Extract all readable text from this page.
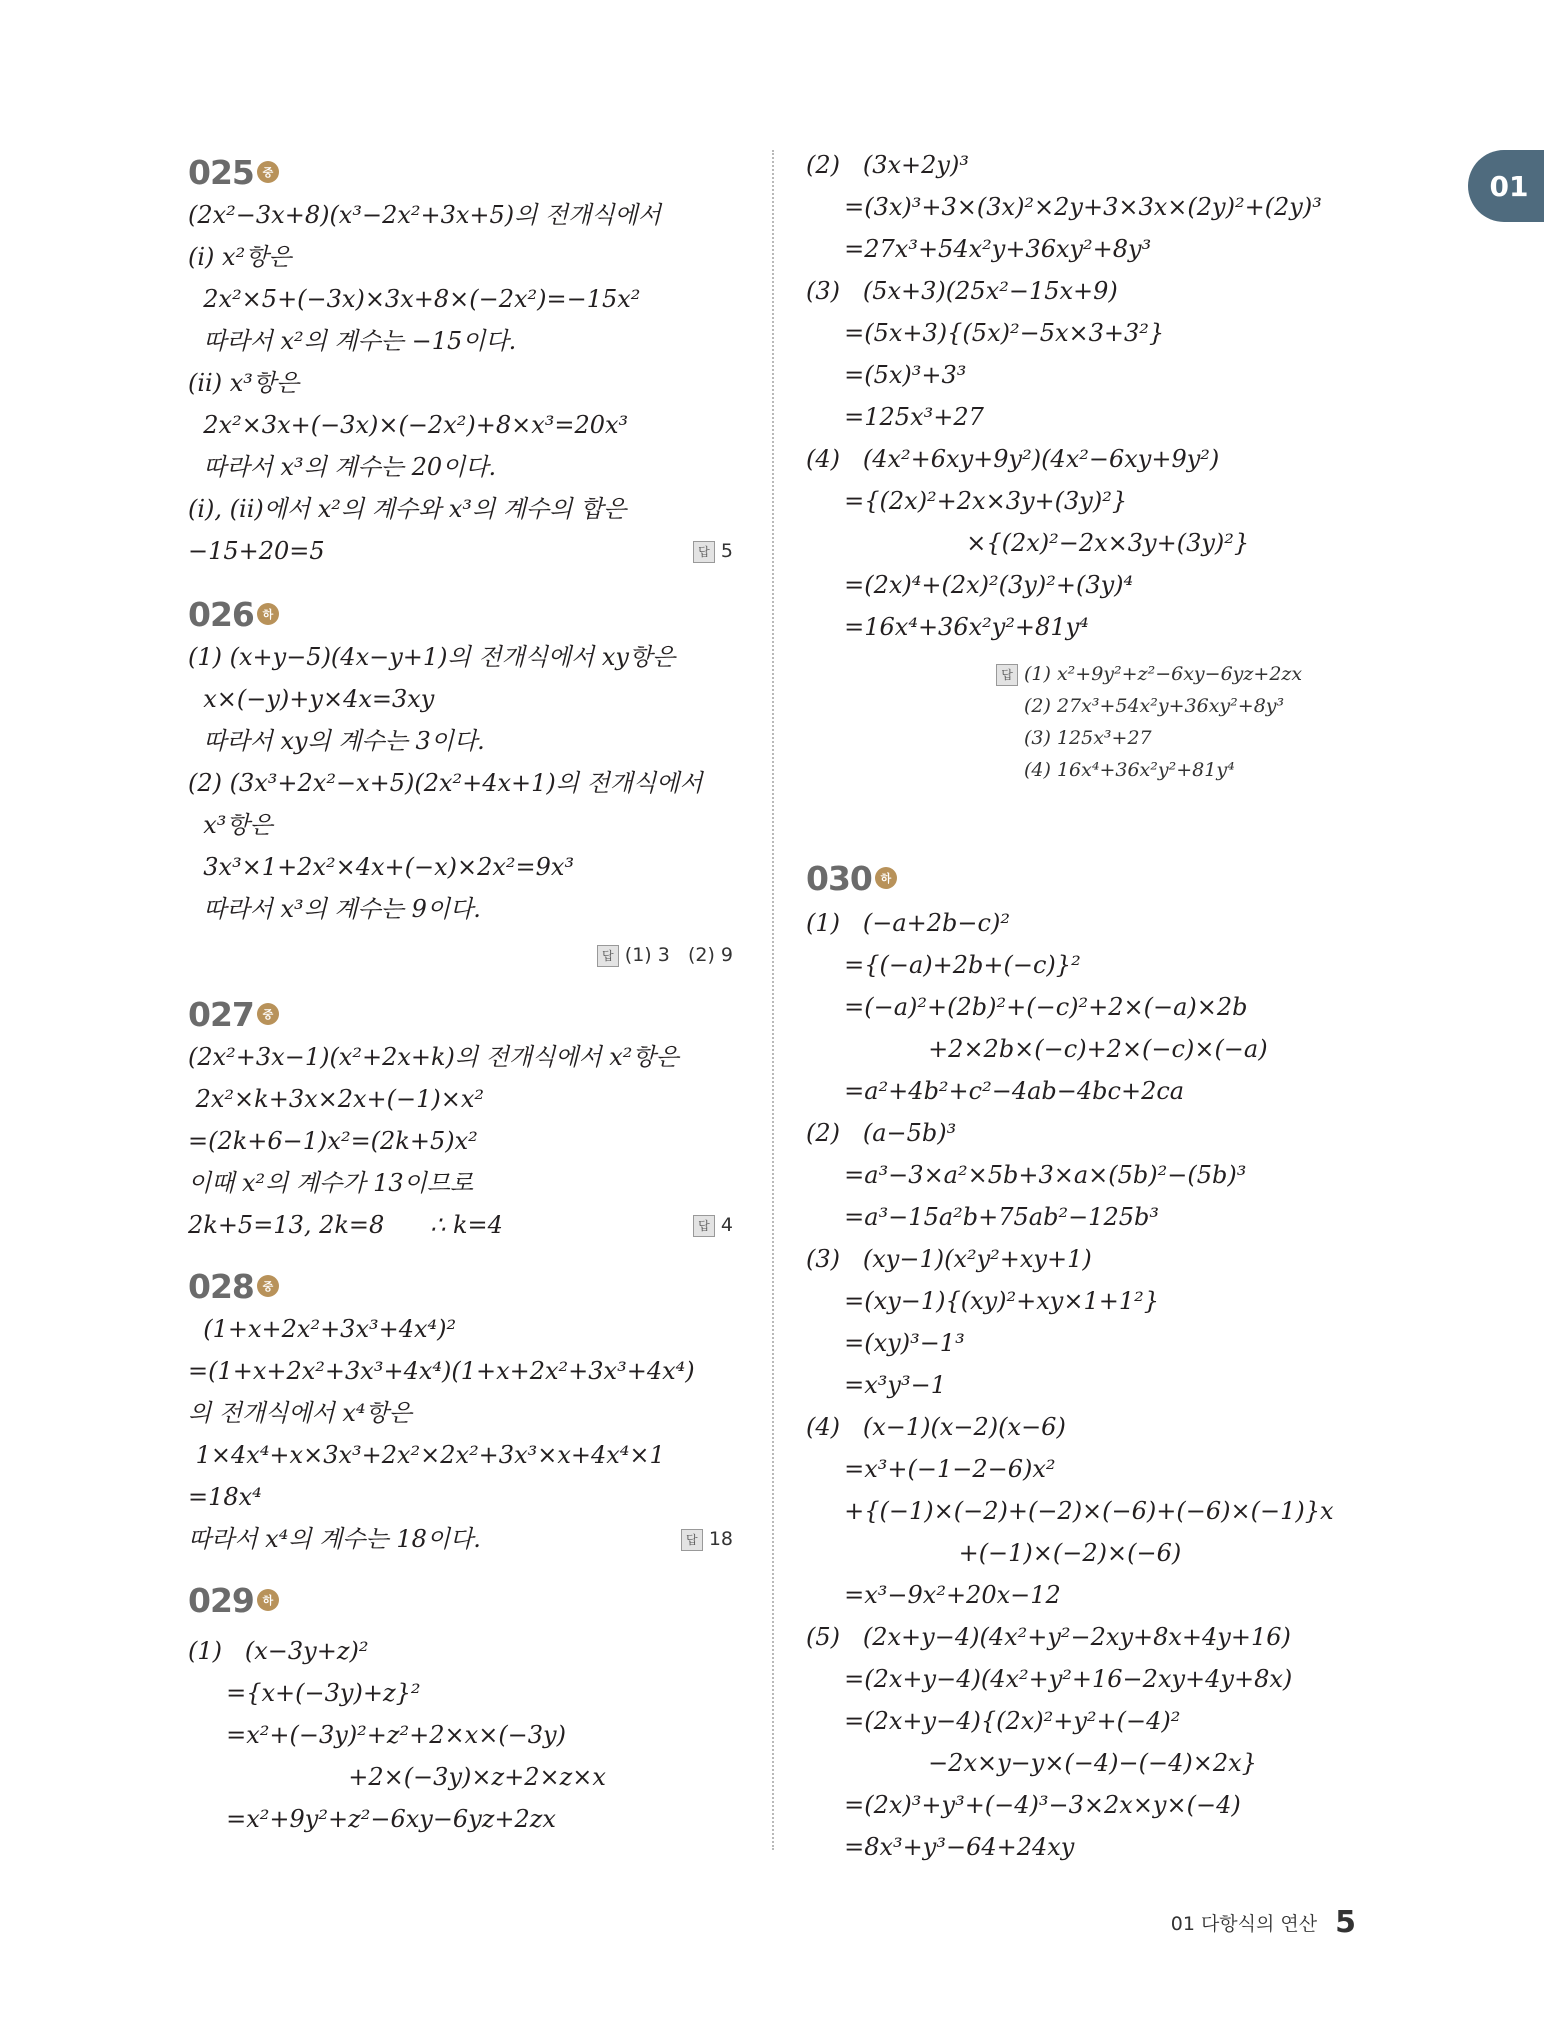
01
025 중
(2x²−3x+8)(x³−2x²+3x+5)의 전개식에서
(i) x²항은
2x²×5+(−3x)×3x+8×(−2x²)=−15x²
따라서 x²의 계수는 −15이다.
(ii) x³항은
2x²×3x+(−3x)×(−2x²)+8×x³=20x³
따라서 x³의 계수는 20이다.
(i), (ii)에서 x²의 계수와 x³의 계수의 합은
−15+20=5	답 5
026 하
(1) (x+y−5)(4x−y+1)의 전개식에서 xy항은
x×(−y)+y×4x=3xy
따라서 xy의 계수는 3이다.
(2) (3x³+2x²−x+5)(2x²+4x+1)의 전개식에서
x³항은
3x³×1+2x²×4x+(−x)×2x²=9x³
따라서 x³의 계수는 9이다.
답 (1) 3   (2) 9
027 중
(2x²+3x−1)(x²+2x+k)의 전개식에서 x²항은
2x²×k+3x×2x+(−1)×x²
=(2k+6−1)x²=(2k+5)x²
이때 x²의 계수가 13이므로
2k+5=13, 2k=8      ∴ k=4	답 4
028 중
(1+x+2x²+3x³+4x⁴)²
=(1+x+2x²+3x³+4x⁴)(1+x+2x²+3x³+4x⁴)
의 전개식에서 x⁴항은
1×4x⁴+x×3x³+2x²×2x²+3x³×x+4x⁴×1
=18x⁴
따라서 x⁴의 계수는 18이다.	답 18
029 하
(1)   (x−3y+z)²
={x+(−3y)+z}²
=x²+(−3y)²+z²+2×x×(−3y)
+2×(−3y)×z+2×z×x
=x²+9y²+z²−6xy−6yz+2zx
(2)   (3x+2y)³
=(3x)³+3×(3x)²×2y+3×3x×(2y)²+(2y)³
=27x³+54x²y+36xy²+8y³
(3)   (5x+3)(25x²−15x+9)
=(5x+3){(5x)²−5x×3+3²}
=(5x)³+3³
=125x³+27
(4)   (4x²+6xy+9y²)(4x²−6xy+9y²)
={(2x)²+2x×3y+(3y)²}
×{(2x)²−2x×3y+(3y)²}
=(2x)⁴+(2x)²(3y)²+(3y)⁴
=16x⁴+36x²y²+81y⁴
답 (1) x²+9y²+z²−6xy−6yz+2zx
(2) 27x³+54x²y+36xy²+8y³
(3) 125x³+27
(4) 16x⁴+36x²y²+81y⁴
030 하
(1)   (−a+2b−c)²
={(−a)+2b+(−c)}²
=(−a)²+(2b)²+(−c)²+2×(−a)×2b
+2×2b×(−c)+2×(−c)×(−a)
=a²+4b²+c²−4ab−4bc+2ca
(2)   (a−5b)³
=a³−3×a²×5b+3×a×(5b)²−(5b)³
=a³−15a²b+75ab²−125b³
(3)   (xy−1)(x²y²+xy+1)
=(xy−1){(xy)²+xy×1+1²}
=(xy)³−1³
=x³y³−1
(4)   (x−1)(x−2)(x−6)
=x³+(−1−2−6)x²
+{(−1)×(−2)+(−2)×(−6)+(−6)×(−1)}x
+(−1)×(−2)×(−6)
=x³−9x²+20x−12
(5)   (2x+y−4)(4x²+y²−2xy+8x+4y+16)
=(2x+y−4)(4x²+y²+16−2xy+4y+8x)
=(2x+y−4){(2x)²+y²+(−4)²
−2x×y−y×(−4)−(−4)×2x}
=(2x)³+y³+(−4)³−3×2x×y×(−4)
=8x³+y³−64+24xy
01 다항식의 연산 5
